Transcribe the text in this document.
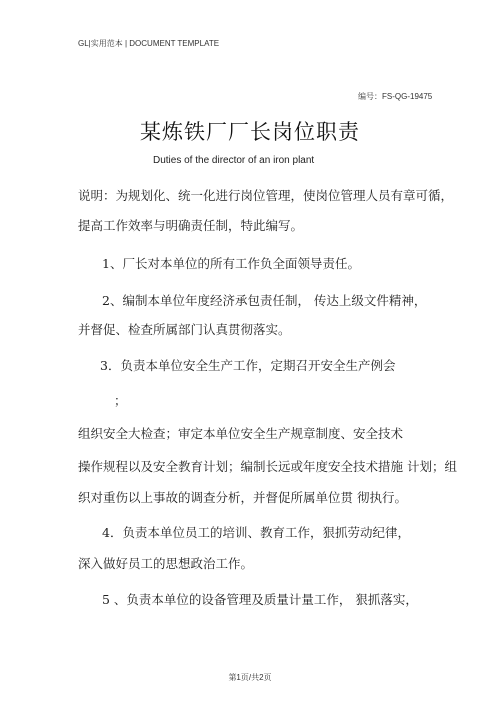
GL|实用范本 | DOCUMENT TEMPLATE
编号：FS-QG-19475
某炼铁厂厂长岗位职责
Duties of the director of an iron plant
说明：为规划化、统一化进行岗位管理，使岗位管理人员有章可循，
提高工作效率与明确责任制，特此编写。
1、厂长对本单位的所有工作负全面领导责任。
2、编制本单位年度经济承包责任制， 传达上级文件精神，
并督促、检查所属部门认真贯彻落实。
3．负责本单位安全生产工作，定期召开安全生产例会
；
组织安全大检查；审定本单位安全生产规章制度、安全技术
操作规程以及安全教育计划；编制长远或年度安全技术措施 计划；组
织对重伤以上事故的调查分析，并督促所属单位贯 彻执行。
4．负责本单位员工的培训、教育工作，狠抓劳动纪律，
深入做好员工的思想政治工作。
5 、负责本单位的设备管理及质量计量工作， 狠抓落实，
第1页/共2页
